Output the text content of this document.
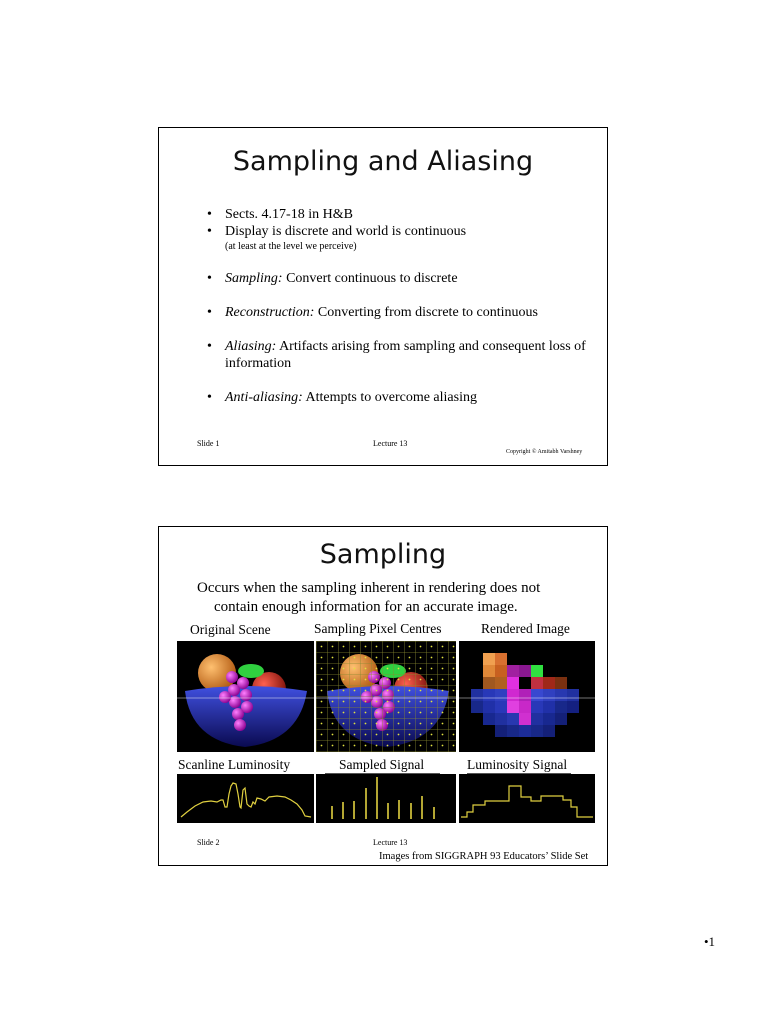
Sampling and Aliasing
• Sects. 4.17-18 in H&B
• Display is discrete and world is continuous
(at least at the level we perceive)
• Sampling: Convert continuous to discrete
• Reconstruction: Converting from discrete to continuous
• Aliasing: Artifacts arising from sampling and consequent loss of information
• Anti-aliasing: Attempts to overcome aliasing
Slide 1	Lecture 13
Copyright © Amitabh Varshney
Sampling
Occurs when the sampling inherent in rendering does not
contain enough information for an accurate image.
Original Scene	Sampling Pixel Centres	Rendered Image
Scanline Luminosity	Sampled Signal	Luminosity Signal
Slide 2	Lecture 13
Images from SIGGRAPH 93 Educators’ Slide Set
•1
